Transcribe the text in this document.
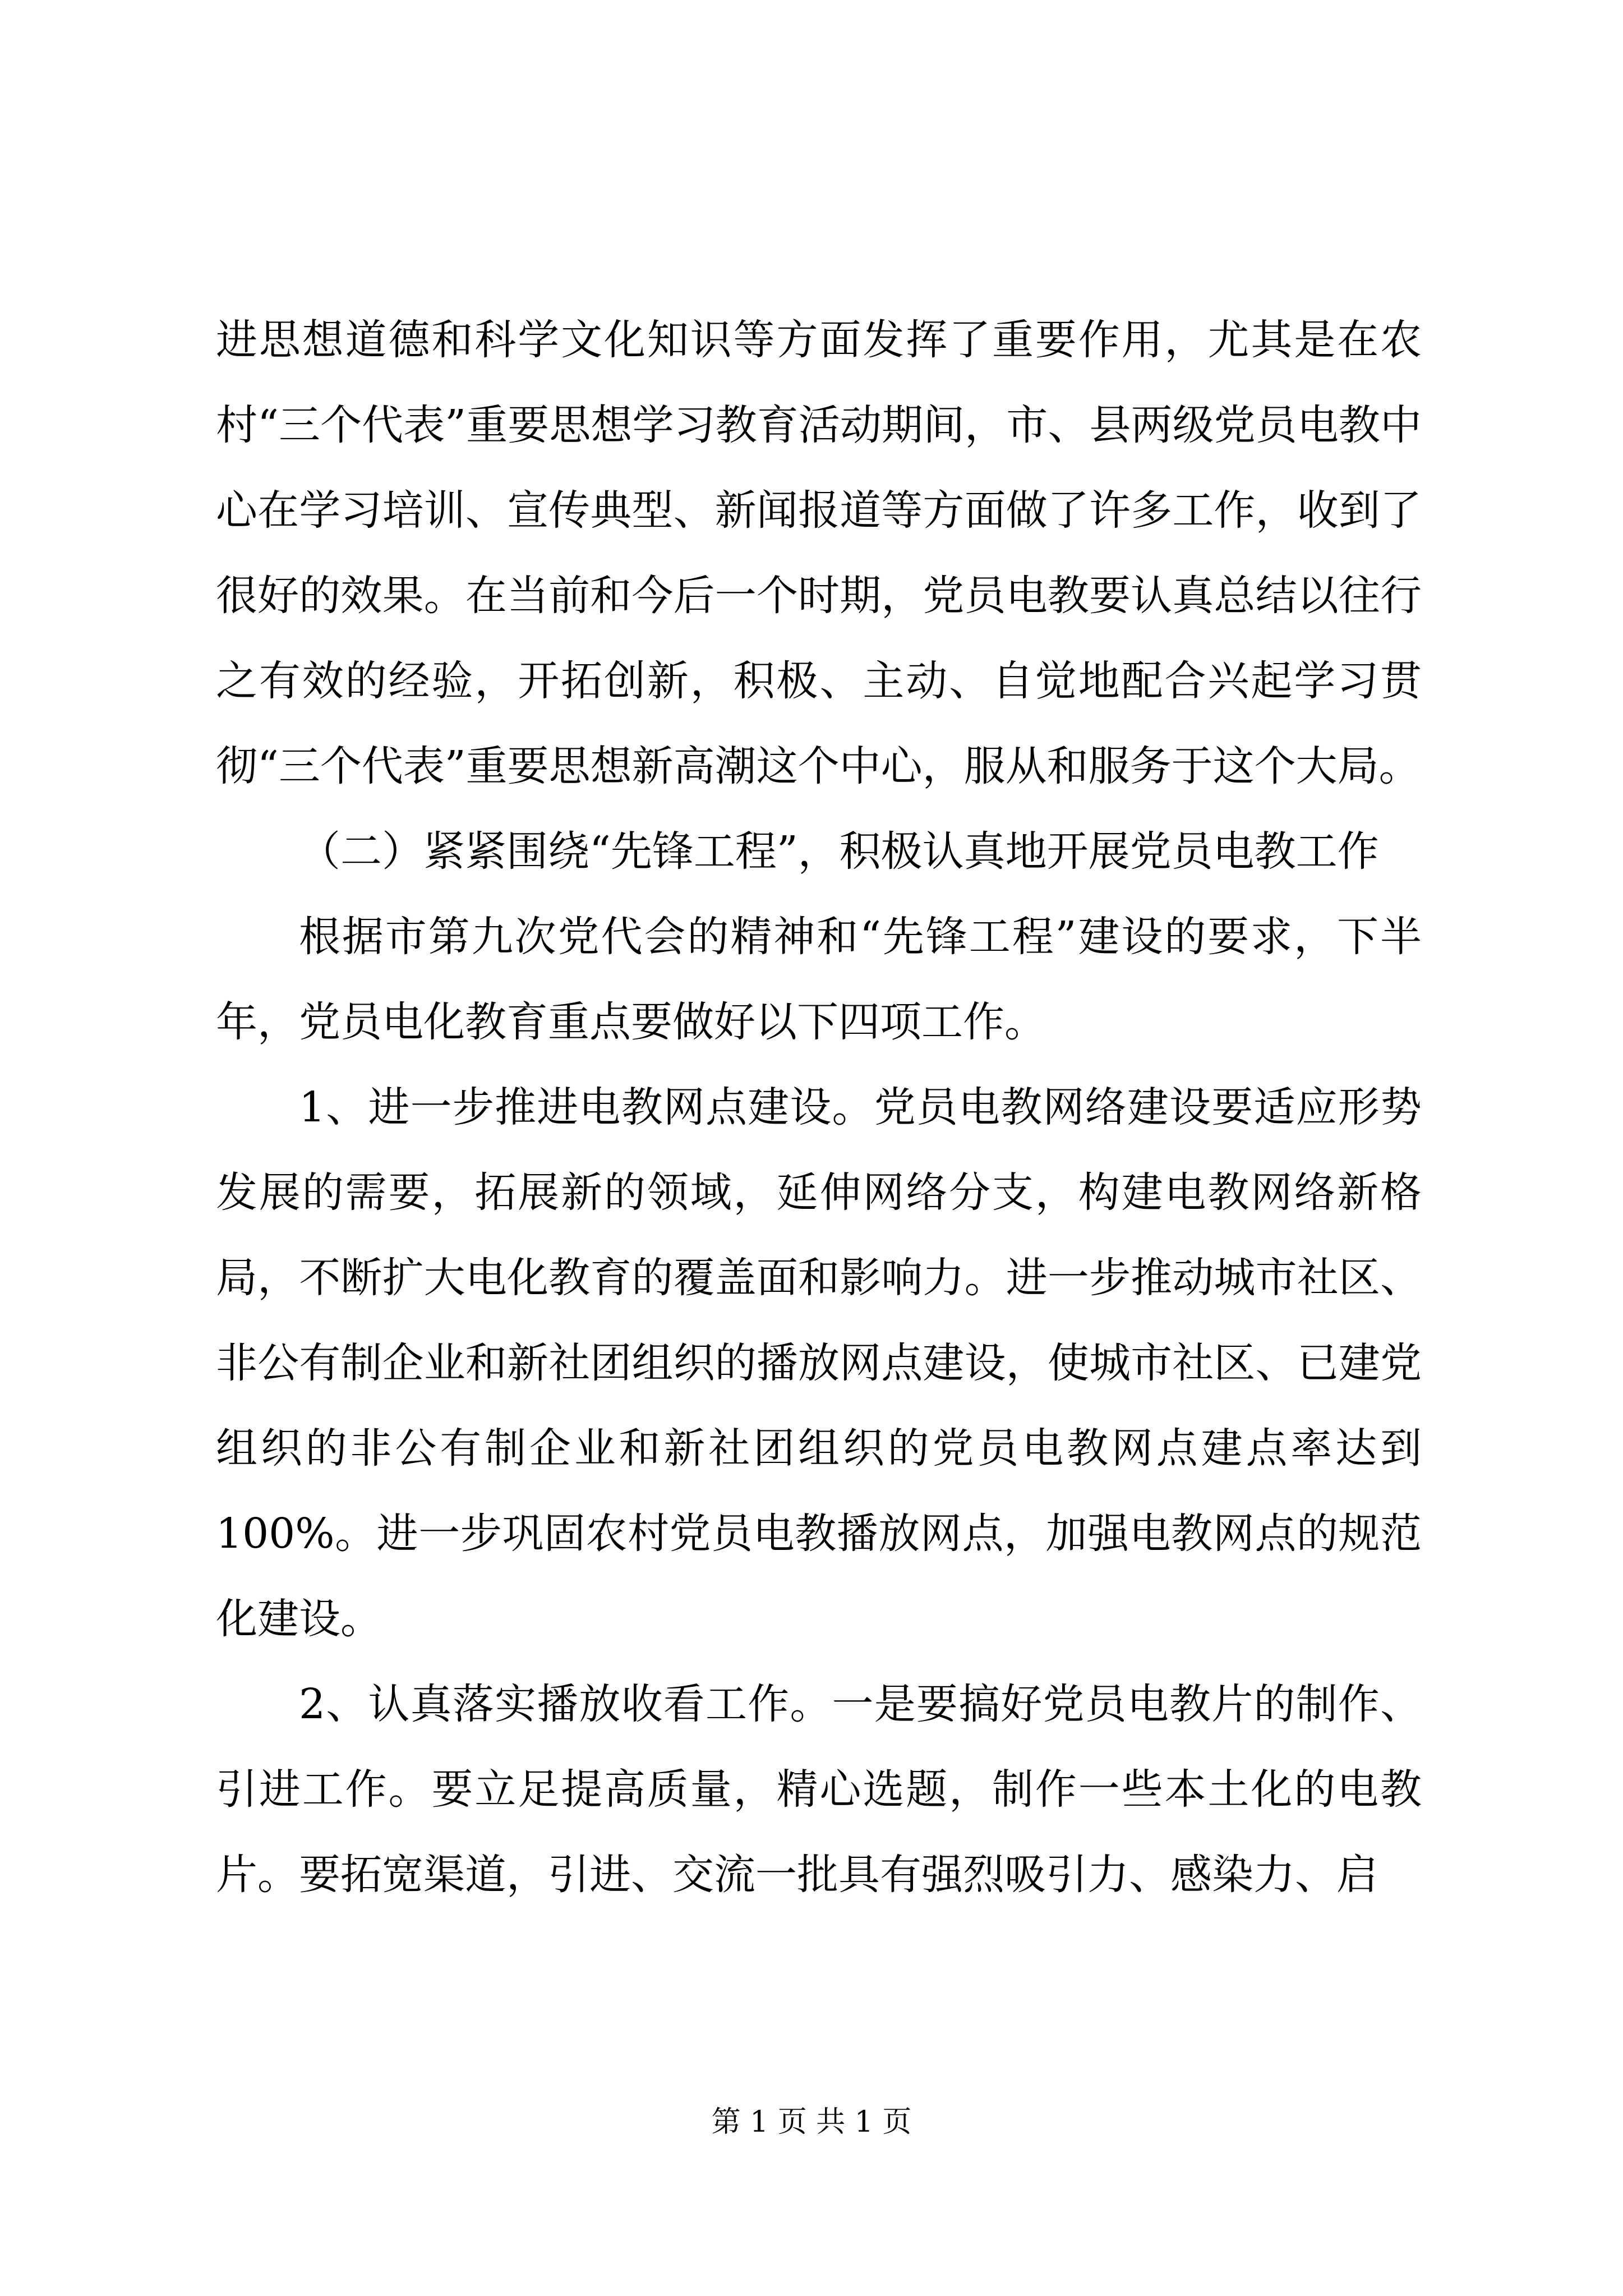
进思想道德和科学文化知识等方面发挥了重要作用，尤其是在农村“三个代表”重要思想学习教育活动期间，市、县两级党员电教中心在学习培训、宣传典型、新闻报道等方面做了许多工作，收到了很好的效果。在当前和今后一个时期，党员电教要认真总结以往行之有效的经验，开拓创新，积极、主动、自觉地配合兴起学习贯彻“三个代表”重要思想新高潮这个中心，服从和服务于这个大局。

（二）紧紧围绕“先锋工程”，积极认真地开展党员电教工作

根据市第九次党代会的精神和“先锋工程”建设的要求，下半年，党员电化教育重点要做好以下四项工作。

1、进一步推进电教网点建设。党员电教网络建设要适应形势发展的需要，拓展新的领域，延伸网络分支，构建电教网络新格局，不断扩大电化教育的覆盖面和影响力。进一步推动城市社区、非公有制企业和新社团组织的播放网点建设，使城市社区、已建党组织的非公有制企业和新社团组织的党员电教网点建点率达到100%。进一步巩固农村党员电教播放网点，加强电教网点的规范化建设。

2、认真落实播放收看工作。一是要搞好党员电教片的制作、引进工作。要立足提高质量，精心选题，制作一些本土化的电教片。要拓宽渠道，引进、交流一批具有强烈吸引力、感染力、启

第 1 页 共 1 页
